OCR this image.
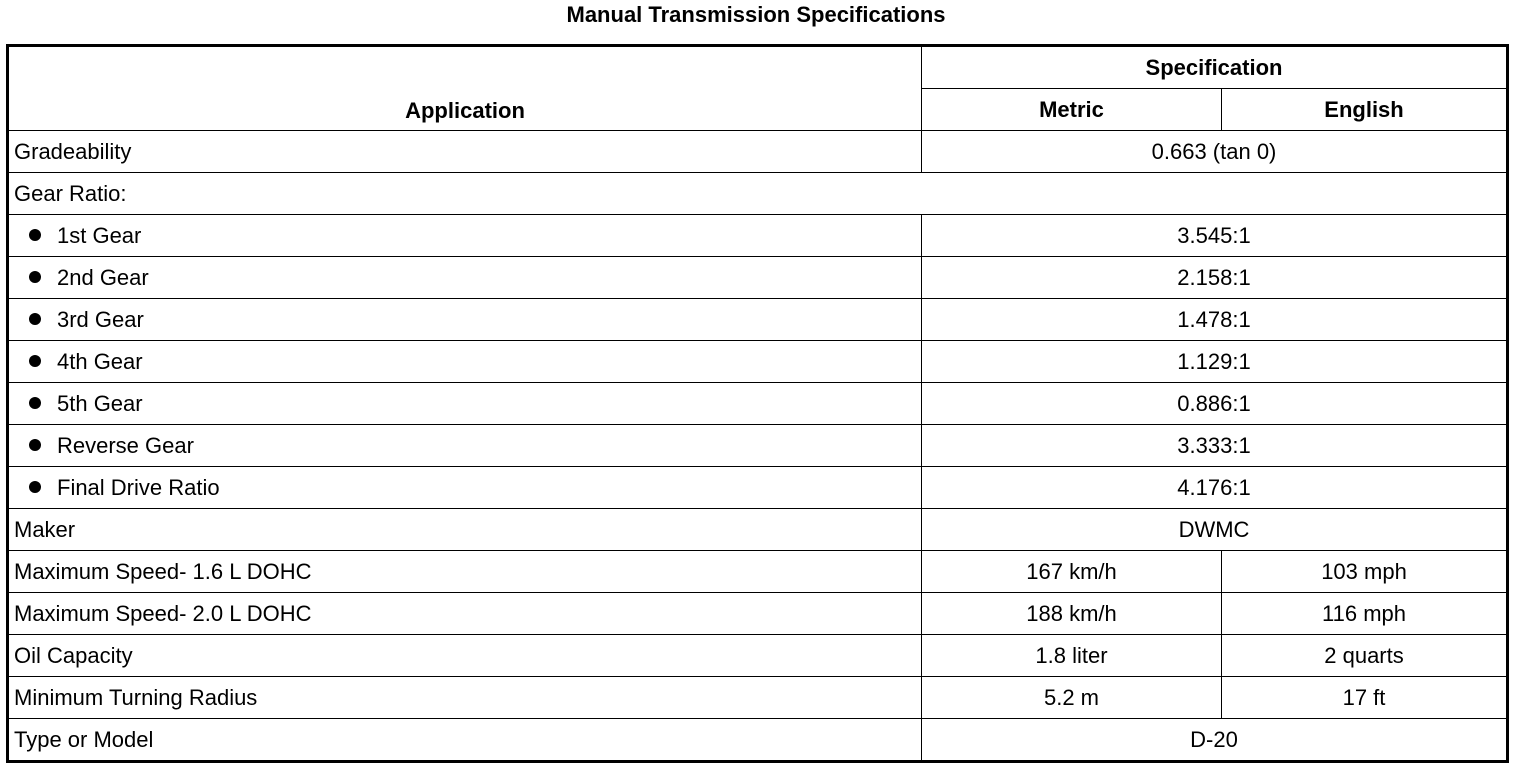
Manual Transmission Specifications
Application	Specification	
	Metric	English
Gradeability	0.663 (tan 0)	
Gear Ratio:		
1st Gear	3.545:1	
2nd Gear	2.158:1	
3rd Gear	1.478:1	
4th Gear	1.129:1	
5th Gear	0.886:1	
Reverse Gear	3.333:1	
Final Drive Ratio	4.176:1	
Maker	DWMC	
Maximum Speed- 1.6 L DOHC	167 km/h	103 mph
Maximum Speed- 2.0 L DOHC	188 km/h	116 mph
Oil Capacity	1.8 liter	2 quarts
Minimum Turning Radius	5.2 m	17 ft
Type or Model	D-20	
